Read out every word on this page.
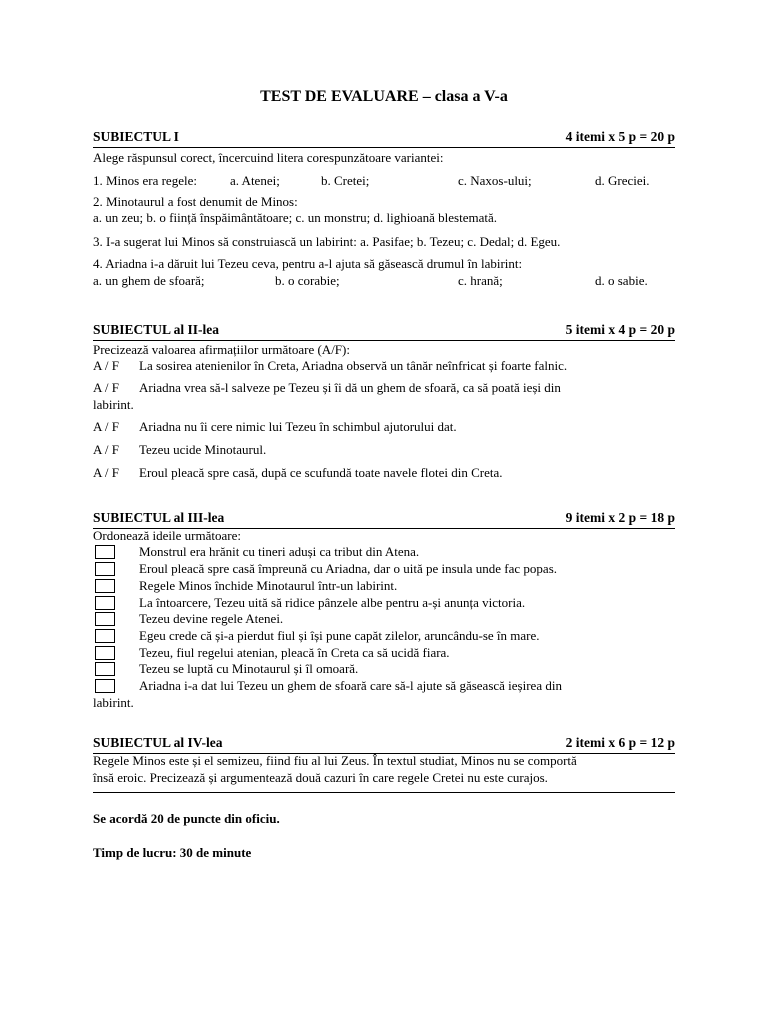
TEST DE EVALUARE – clasa a V-a
SUBIECTUL I	4 itemi x 5 p = 20 p
Alege răspunsul corect, încercuind litera corespunzătoare variantei:
1. Minos era regele:	a. Atenei;	b. Cretei;	c. Naxos-ului;	d. Greciei.
2. Minotaurul a fost denumit de Minos:
a. un zeu; b. o ființă înspăimântătoare; c. un monstru; d. lighioană blestemată.
3. I-a sugerat lui Minos să construiască un labirint: a. Pasifae; b. Tezeu; c. Dedal; d. Egeu.
4. Ariadna i-a dăruit lui Tezeu ceva, pentru a-l ajuta să găsească drumul în labirint:
a. un ghem de sfoară;	b. o corabie;	c. hrană;	d. o sabie.
SUBIECTUL al II-lea	5 itemi x 4 p = 20 p
Precizează valoarea afirmațiilor următoare (A/F):
A / F La sosirea atenienilor în Creta, Ariadna observă un tânăr neînfricat și foarte falnic.
A / F Ariadna vrea să-l salveze pe Tezeu și îi dă un ghem de sfoară, ca să poată ieși din
labirint.
A / F Ariadna nu îi cere nimic lui Tezeu în schimbul ajutorului dat.
A / F Tezeu ucide Minotaurul.
A / F Eroul pleacă spre casă, după ce scufundă toate navele flotei din Creta.
SUBIECTUL al III-lea	9 itemi x 2 p = 18 p
Ordonează ideile următoare:
Monstrul era hrănit cu tineri aduși ca tribut din Atena.
Eroul pleacă spre casă împreună cu Ariadna, dar o uită pe insula unde fac popas.
Regele Minos închide Minotaurul într-un labirint.
La întoarcere, Tezeu uită să ridice pânzele albe pentru a-și anunța victoria.
Tezeu devine regele Atenei.
Egeu crede că și-a pierdut fiul și își pune capăt zilelor, aruncându-se în mare.
Tezeu, fiul regelui atenian, pleacă în Creta ca să ucidă fiara.
Tezeu se luptă cu Minotaurul și îl omoară.
Ariadna i-a dat lui Tezeu un ghem de sfoară care să-l ajute să găsească ieșirea din
labirint.
SUBIECTUL al IV-lea	2 itemi x 6 p = 12 p
Regele Minos este și el semizeu, fiind fiu al lui Zeus. În textul studiat, Minos nu se comportă
însă eroic. Precizează și argumentează două cazuri în care regele Cretei nu este curajos.
Se acordă 20 de puncte din oficiu.
Timp de lucru: 30 de minute
